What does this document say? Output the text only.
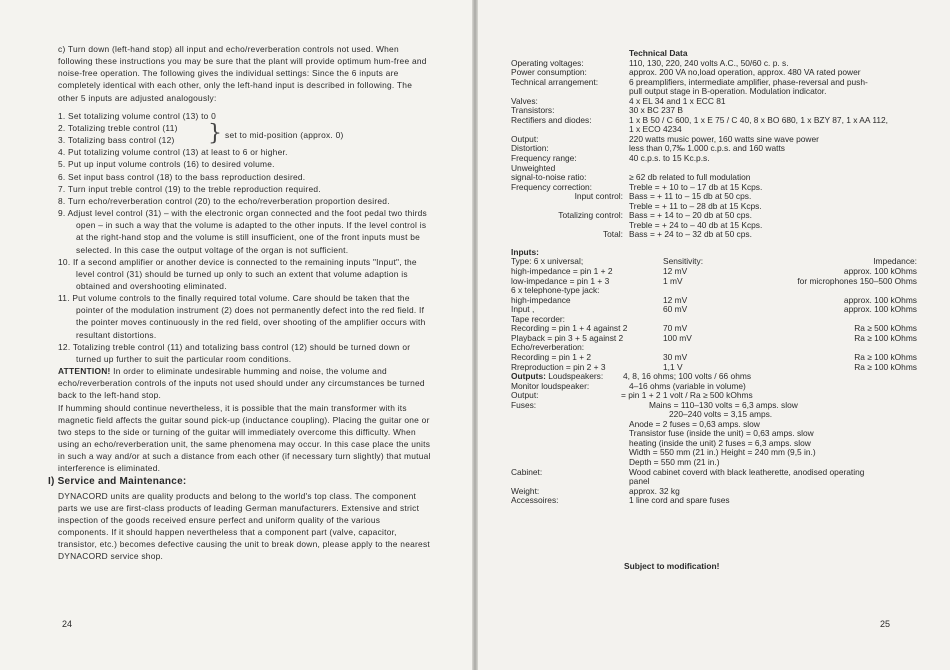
c) Turn down (left-hand stop) all input and echo/reverberation controls not used. When following these instructions you may be sure that the plant will provide optimum hum-free and noise-free operation. The following gives the individual settings: Since the 6 inputs are completely identical with each other, only the left-hand input is described in following. The other 5 inputs are adjusted analogously:

1. Set totalizing volume control (13) to 0

2. Totalizing treble control (11)

3. Totalizing bass control (12)	} set to mid-position (approx. 0)

4. Put totalizing volume control (13) at least to 6 or higher.

5. Put up input volume controls (16) to desired volume.

6. Set input bass control (18) to the bass reproduction desired.

7. Turn input treble control (19) to the treble reproduction required.

8. Turn echo/reverberation control (20) to the echo/reverberation proportion desired.

9. Adjust level control (31) – with the electronic organ connected and the foot pedal two thirds open – in such a way that the volume is adapted to the other inputs. If the level control is at the right-hand stop and the volume is still insufficient, one of the front inputs must be selected. In this case the output voltage of the organ is not sufficient.

10. If a second amplifier or another device is connected to the remaining inputs "Input", the level control (31) should be turned up only to such an extent that volume adaption is obtained and overshooting eliminated.

11. Put volume controls to the finally required total volume. Care should be taken that the pointer of the modulation instrument (2) does not permanently defect into the red field. If the pointer moves continuously in the red field, over shooting of the amplifier occurs with resultant distortions.

12. Totalizing treble control (11) and totalizing bass control (12) should be turned down or turned up further to suit the particular room conditions.

ATTENTION! In order to eliminate undesirable humming and noise, the volume and echo/reverberation controls of the inputs not used should under any circumstances be turned back to the left-hand stop.

If humming should continue nevertheless, it is possible that the main transformer with its magnetic field affects the guitar sound pick-up (inductance coupling). Placing the guitar one or two steps to the side or turning of the guitar will immediately overcome this difficulty. When using an echo/reverberation unit, the same phenomena may occur. In this case place the units in such a way and/or at such a distance from each other (if necessary turn slightly) that mutual interference is eliminated.

I) Service and Maintenance:

DYNACORD units are quality products and belong to the world's top class. The component parts we use are first-class products of leading German manufacturers. Extensive and strict inspection of the goods received ensure perfect and uniform quality of the various components. If it should happen nevertheless that a component part (valve, capacitor, transistor, etc.) becomes defective causing the unit to break down, please apply to the nearest DYNACORD service shop.

24
Technical Data
Operating voltages:	110, 130, 220, 240 volts A.C., 50/60 c. p. s.
Power consumption:	approx. 200 VA no,load operation, approx. 480 VA rated power
Technical arrangement:	6 preamplifiers, intermediate amplifier, phase-reversal and push-
pull output stage in B-operation. Modulation indicator.
Valves:	4 x EL 34 and 1 x ECC 81
Transistors:	30 x BC 237 B
Rectifiers and diodes:	1 x B 50 / C 600, 1 x E 75 / C 40, 8 x BO 680, 1 x BZY 87, 1 x AA 112,
1 x ECO 4234
Output:	220 watts music power, 160 watts sine wave power
Distortion:	less than 0,7‰ 1.000 c.p.s. and 160 watts
Frequency range:	40 c.p.s. to 15 Kc.p.s.
Unweighted
signal-to-noise ratio:	≥ 62 db related to full modulation
Frequency correction:	Treble = + 10 to – 17 db at 15 Kcps.
Input control: Bass = + 11 to – 15 db at 50 cps.
Treble = + 11 to – 28 db at 15 Kcps.
Totalizing control: Bass = + 14 to – 20 db at 50 cps.
Treble = + 24 to – 40 db at 15 Kcps.
Total: Bass = + 24 to – 32 db at 50 cps.
Inputs:
Type: 6 x universal;	Sensitivity:	Impedance:
high-impedance = pin 1 + 2	12 mV	approx. 100 kOhms
low-impedance = pin 1 + 3	1 mV	for microphones 150–500 Ohms
6 x telephone-type jack:
high-impedance	12 mV	approx. 100 kOhms
Input ,	60 mV	approx. 100 kOhms
Tape recorder:
Recording = pin 1 + 4 against 2	70 mV	Ra ≥ 500 kOhms
Playback = pin 3 + 5 against 2	100 mV	Ra ≥ 100 kOhms
Echo/reverberation:
Recording = pin 1 + 2	30 mV	Ra ≥ 100 kOhms
Rreproduction = pin 2 + 3	1,1 V	Ra ≥ 100 kOhms
Outputs: Loudspeakers: 4, 8, 16 ohms; 100 volts / 66 ohms
Monitor loudspeaker:	4–16 ohms (variable in volume)
Output:	= pin 1 + 2 1 volt / Ra ≥ 500 kOhms
Fuses:	Mains = 110–130 volts = 6,3 amps. slow
220–240 volts = 3,15 amps.
Anode = 2 fuses = 0,63 amps. slow
Transistor fuse (inside the unit) = 0,63 amps. slow
heating (inside the unit) 2 fuses = 6,3 amps. slow
Width = 550 mm (21 in.) Height = 240 mm (9,5 in.)
Depth = 550 mm (21 in.)
Cabinet:	Wood cabinet coverd with black leatherette, anodised operating
panel
Weight:	approx. 32 kg
Accessoires:	1 line cord and spare fuses
Subject to modification!
25
